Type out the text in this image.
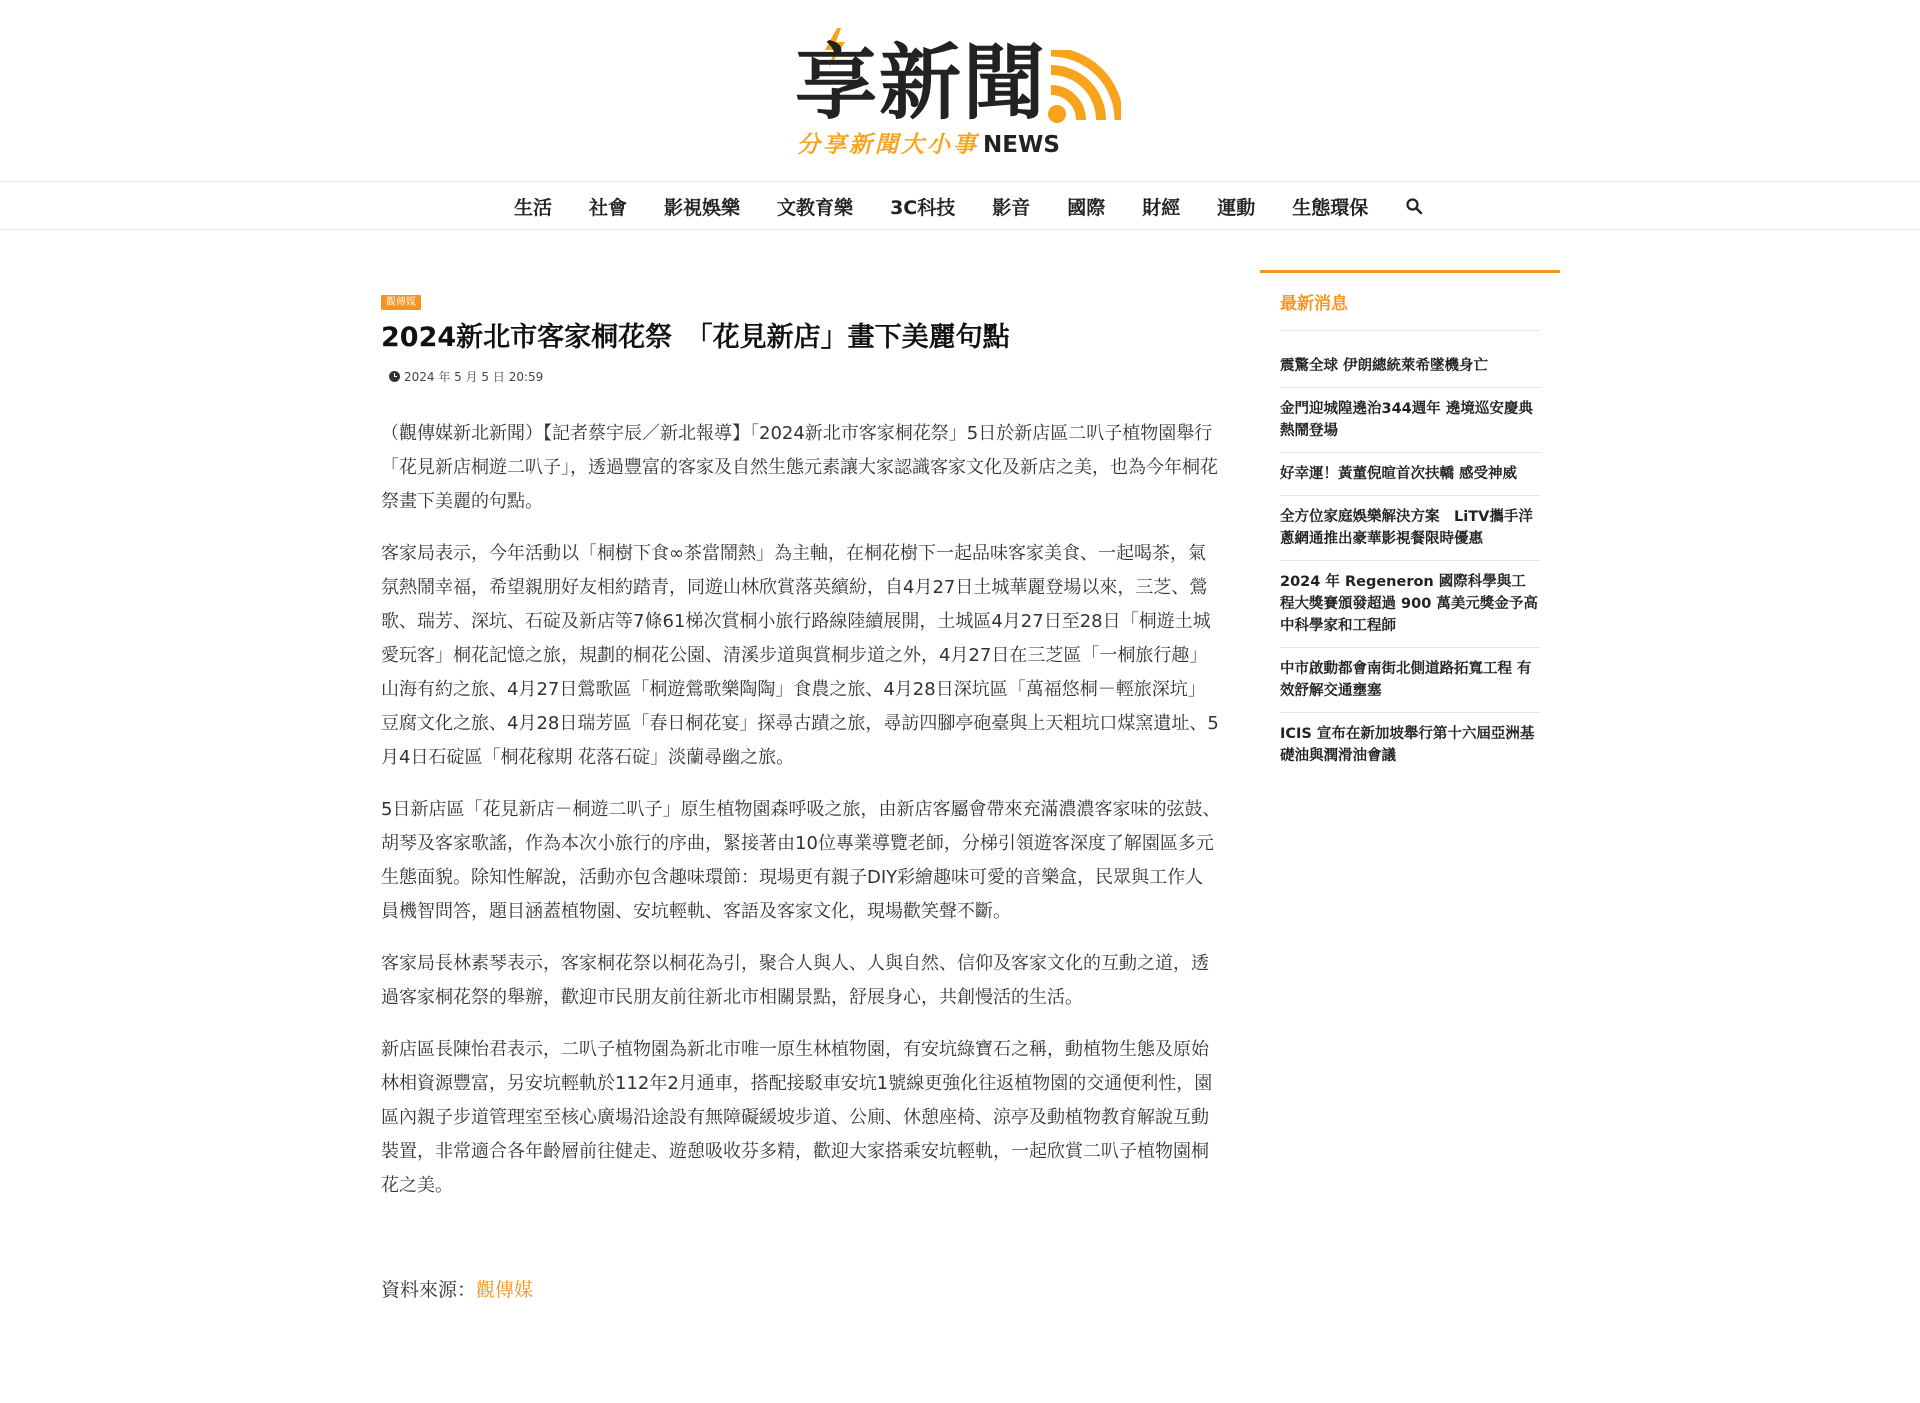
享新聞
分享新聞大小事 NEWS
生活 社會 影視娛樂 文教育樂 3C科技 影音 國際 財經 運動 生態環保
觀傳媒
2024新北市客家桐花祭　「花見新店」畫下美麗句點
2024 年 5 月 5 日 20:59

（觀傳媒新北新聞）【記者蔡宇辰／新北報導】「2024新北市客家桐花祭」5日於新店區二叭子植物園舉行「花見新店桐遊二叭子」，透過豐富的客家及自然生態元素讓大家認識客家文化及新店之美，也為今年桐花祭畫下美麗的句點。

客家局表示，今年活動以「桐樹下食∞茶當鬧熱」為主軸，在桐花樹下一起品味客家美食、一起喝茶，氣氛熱鬧幸福，希望親朋好友相約踏青，同遊山林欣賞落英繽紛，自4月27日土城華麗登場以來，三芝、鶯歌、瑞芳、深坑、石碇及新店等7條61梯次賞桐小旅行路線陸續展開，土城區4月27日至28日「桐遊土城愛玩客」桐花記憶之旅，規劃的桐花公園、清溪步道與賞桐步道之外，4月27日在三芝區「一桐旅行趣」山海有約之旅、4月27日鶯歌區「桐遊鶯歌樂陶陶」食農之旅、4月28日深坑區「萬福悠桐－輕旅深坑」豆腐文化之旅、4月28日瑞芳區「春日桐花宴」探尋古蹟之旅，尋訪四腳亭砲臺與上天粗坑口煤窯遺址、5月4日石碇區「桐花稼期 花落石碇」淡蘭尋幽之旅。

5日新店區「花見新店－桐遊二叭子」原生植物園森呼吸之旅，由新店客屬會帶來充滿濃濃客家味的弦鼓、胡琴及客家歌謠，作為本次小旅行的序曲，緊接著由10位專業導覽老師，分梯引領遊客深度了解園區多元生態面貌。除知性解說，活動亦包含趣味環節：現場更有親子DIY彩繪趣味可愛的音樂盒，民眾與工作人員機智問答，題目涵蓋植物園、安坑輕軌、客語及客家文化，現場歡笑聲不斷。

客家局長林素琴表示，客家桐花祭以桐花為引，聚合人與人、人與自然、信仰及客家文化的互動之道，透過客家桐花祭的舉辦，歡迎市民朋友前往新北市相關景點，舒展身心，共創慢活的生活。

新店區長陳怡君表示，二叭子植物園為新北市唯一原生林植物園，有安坑綠寶石之稱，動植物生態及原始林相資源豐富，另安坑輕軌於112年2月通車，搭配接駁車安坑1號線更強化往返植物園的交通便利性，園區內親子步道管理室至核心廣場沿途設有無障礙緩坡步道、公廁、休憩座椅、涼亭及動植物教育解說互動裝置，非常適合各年齡層前往健走、遊憩吸收芬多精，歡迎大家搭乘安坑輕軌，一起欣賞二叭子植物園桐花之美。

資料來源：觀傳媒
最新消息
震驚全球 伊朗總統萊希墜機身亡
金門迎城隍遶治344週年 遶境巡安慶典熱鬧登場
好幸運！黃董倪暄首次扶轎 感受神威
全方位家庭娛樂解決方案　LiTV攜手洋蔥網通推出豪華影視餐限時優惠
2024 年 Regeneron 國際科學與工程大獎賽頒發超過 900 萬美元獎金予高中科學家和工程師
中市啟動都會南街北側道路拓寬工程 有效舒解交通壅塞
ICIS 宣布在新加坡舉行第十六屆亞洲基礎油與潤滑油會議
